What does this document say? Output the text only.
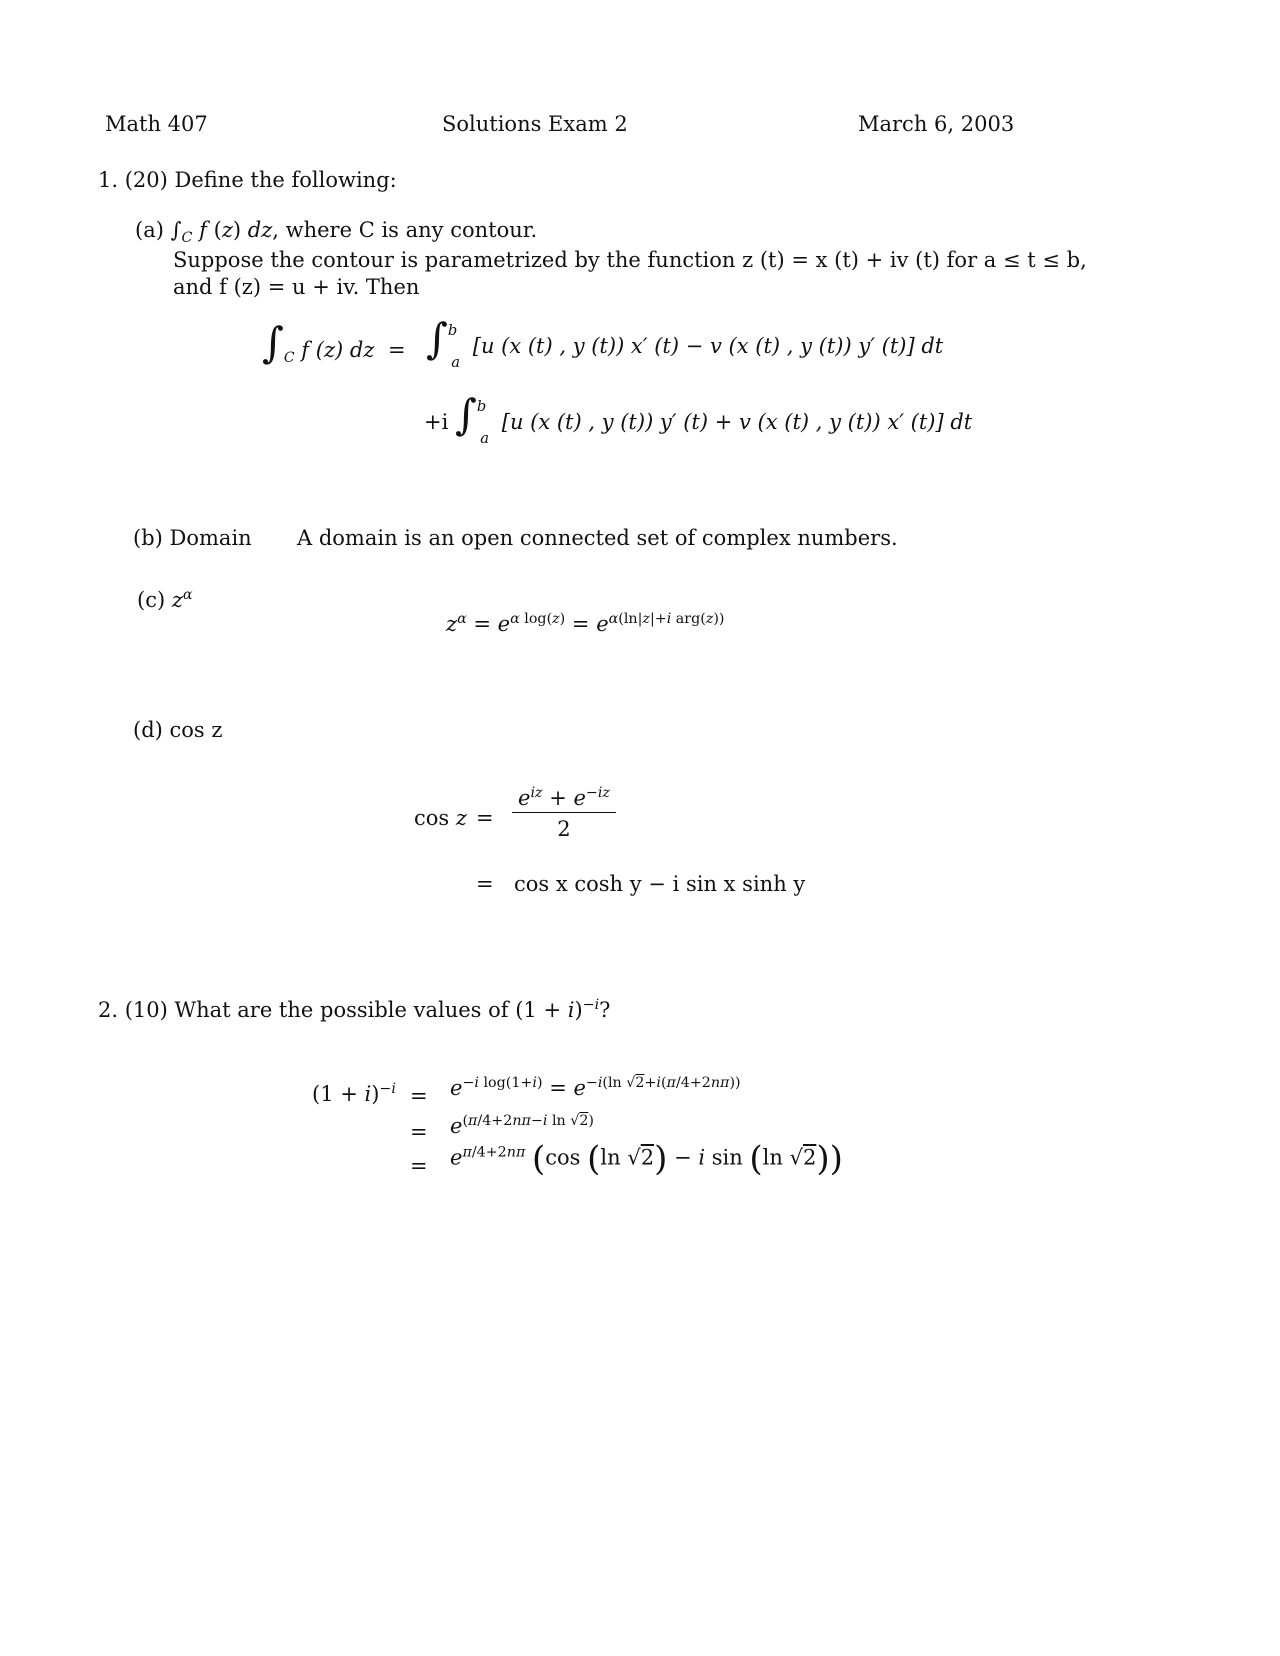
Math 407	Solutions Exam 2	March 6, 2003
1. (20) Define the following:
(a) $\int_C$ f (z) dz, where C is any contour.
Suppose the contour is parametrized by the function z (t) = x (t) + iv (t) for a ≤ t ≤ b,
and f (z) = u + iv. Then
$\int_C$ f (z) dz = ∫$^b_a$ [u (x (t) , y (t)) x′ (t) − v (x (t) , y (t)) y′ (t)] dt
+i ∫$^b_a$ [u (x (t) , y (t)) y′ (t) + v (x (t) , y (t)) x′ (t)] dt
(b) Domain A domain is an open connected set of complex numbers.
(c) $z^\alpha$
$z^\alpha = e^{\alpha log(z)} = e^{\alpha(ln|z|+i arg(z))}$
(d) cos z
$\cos z = \frac{e^{iz} + e^{-iz}}{2}$
= cos x cosh y − i sin x sinh y
2. (10) What are the possible values of $(1 + i)^{-i}$?
$(1 + i)^{-i} = e^{-i log(1+i)} = e^{-i(ln √2+i(\pi/4+2n\pi))}$
= $e^{(\pi/4+2n\pi-i ln √2)}$
= $e^{\pi/4+2n\pi}$ (cos (ln √2) − i sin (ln √2))
